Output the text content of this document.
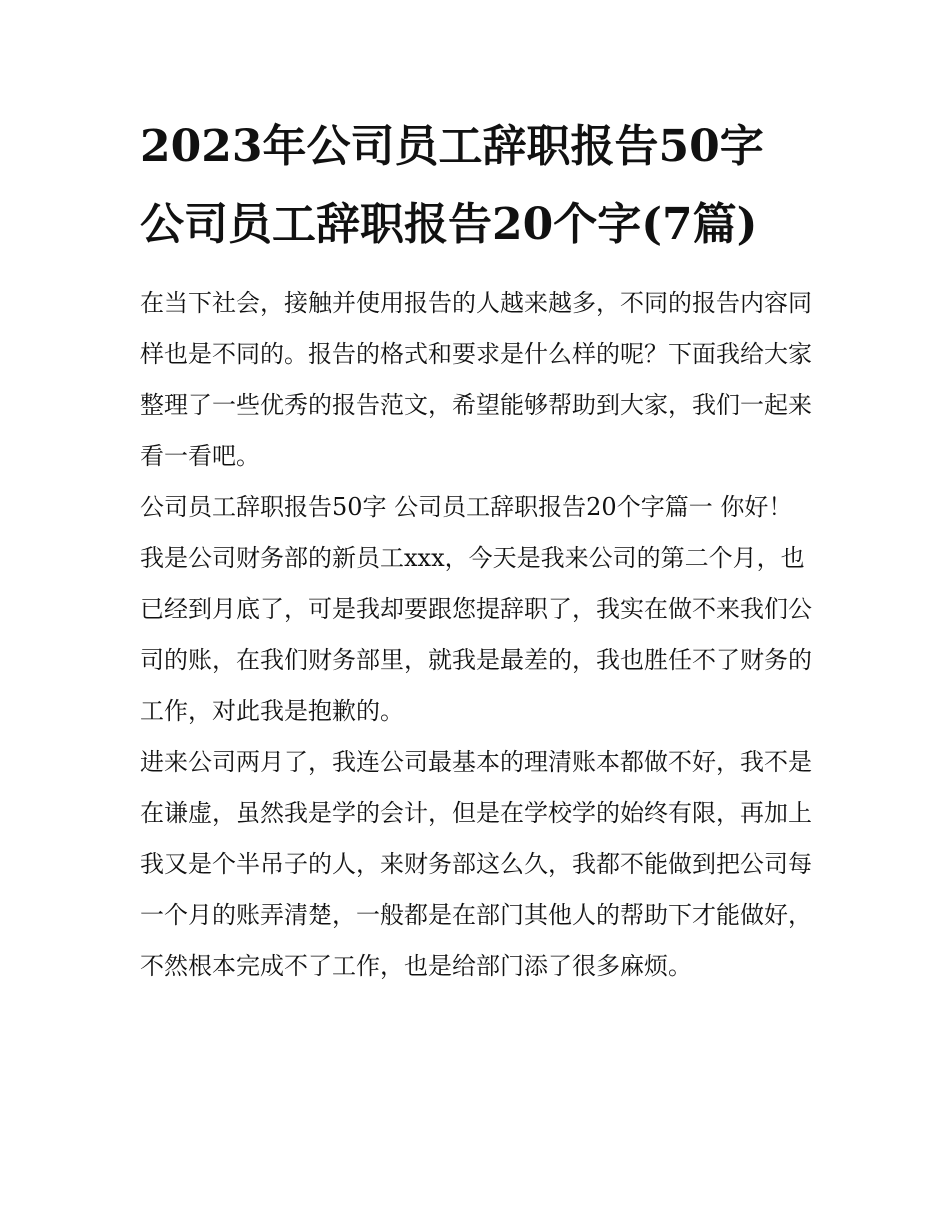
2023年公司员工辞职报告50字 公司员工辞职报告20个字(7篇)

在当下社会，接触并使用报告的人越来越多，不同的报告内容同样也是不同的。报告的格式和要求是什么样的呢？下面我给大家整理了一些优秀的报告范文，希望能够帮助到大家，我们一起来看一看吧。

公司员工辞职报告50字 公司员工辞职报告20个字篇一 你好！

我是公司财务部的新员工xxx，今天是我来公司的第二个月，也已经到月底了，可是我却要跟您提辞职了，我实在做不来我们公司的账，在我们财务部里，就我是最差的，我也胜任不了财务的工作，对此我是抱歉的。

进来公司两月了，我连公司最基本的理清账本都做不好，我不是在谦虚，虽然我是学的会计，但是在学校学的始终有限，再加上我又是个半吊子的人，来财务部这么久，我都不能做到把公司每一个月的账弄清楚，一般都是在部门其他人的帮助下才能做好，不然根本完成不了工作，也是给部门添了很多麻烦。
